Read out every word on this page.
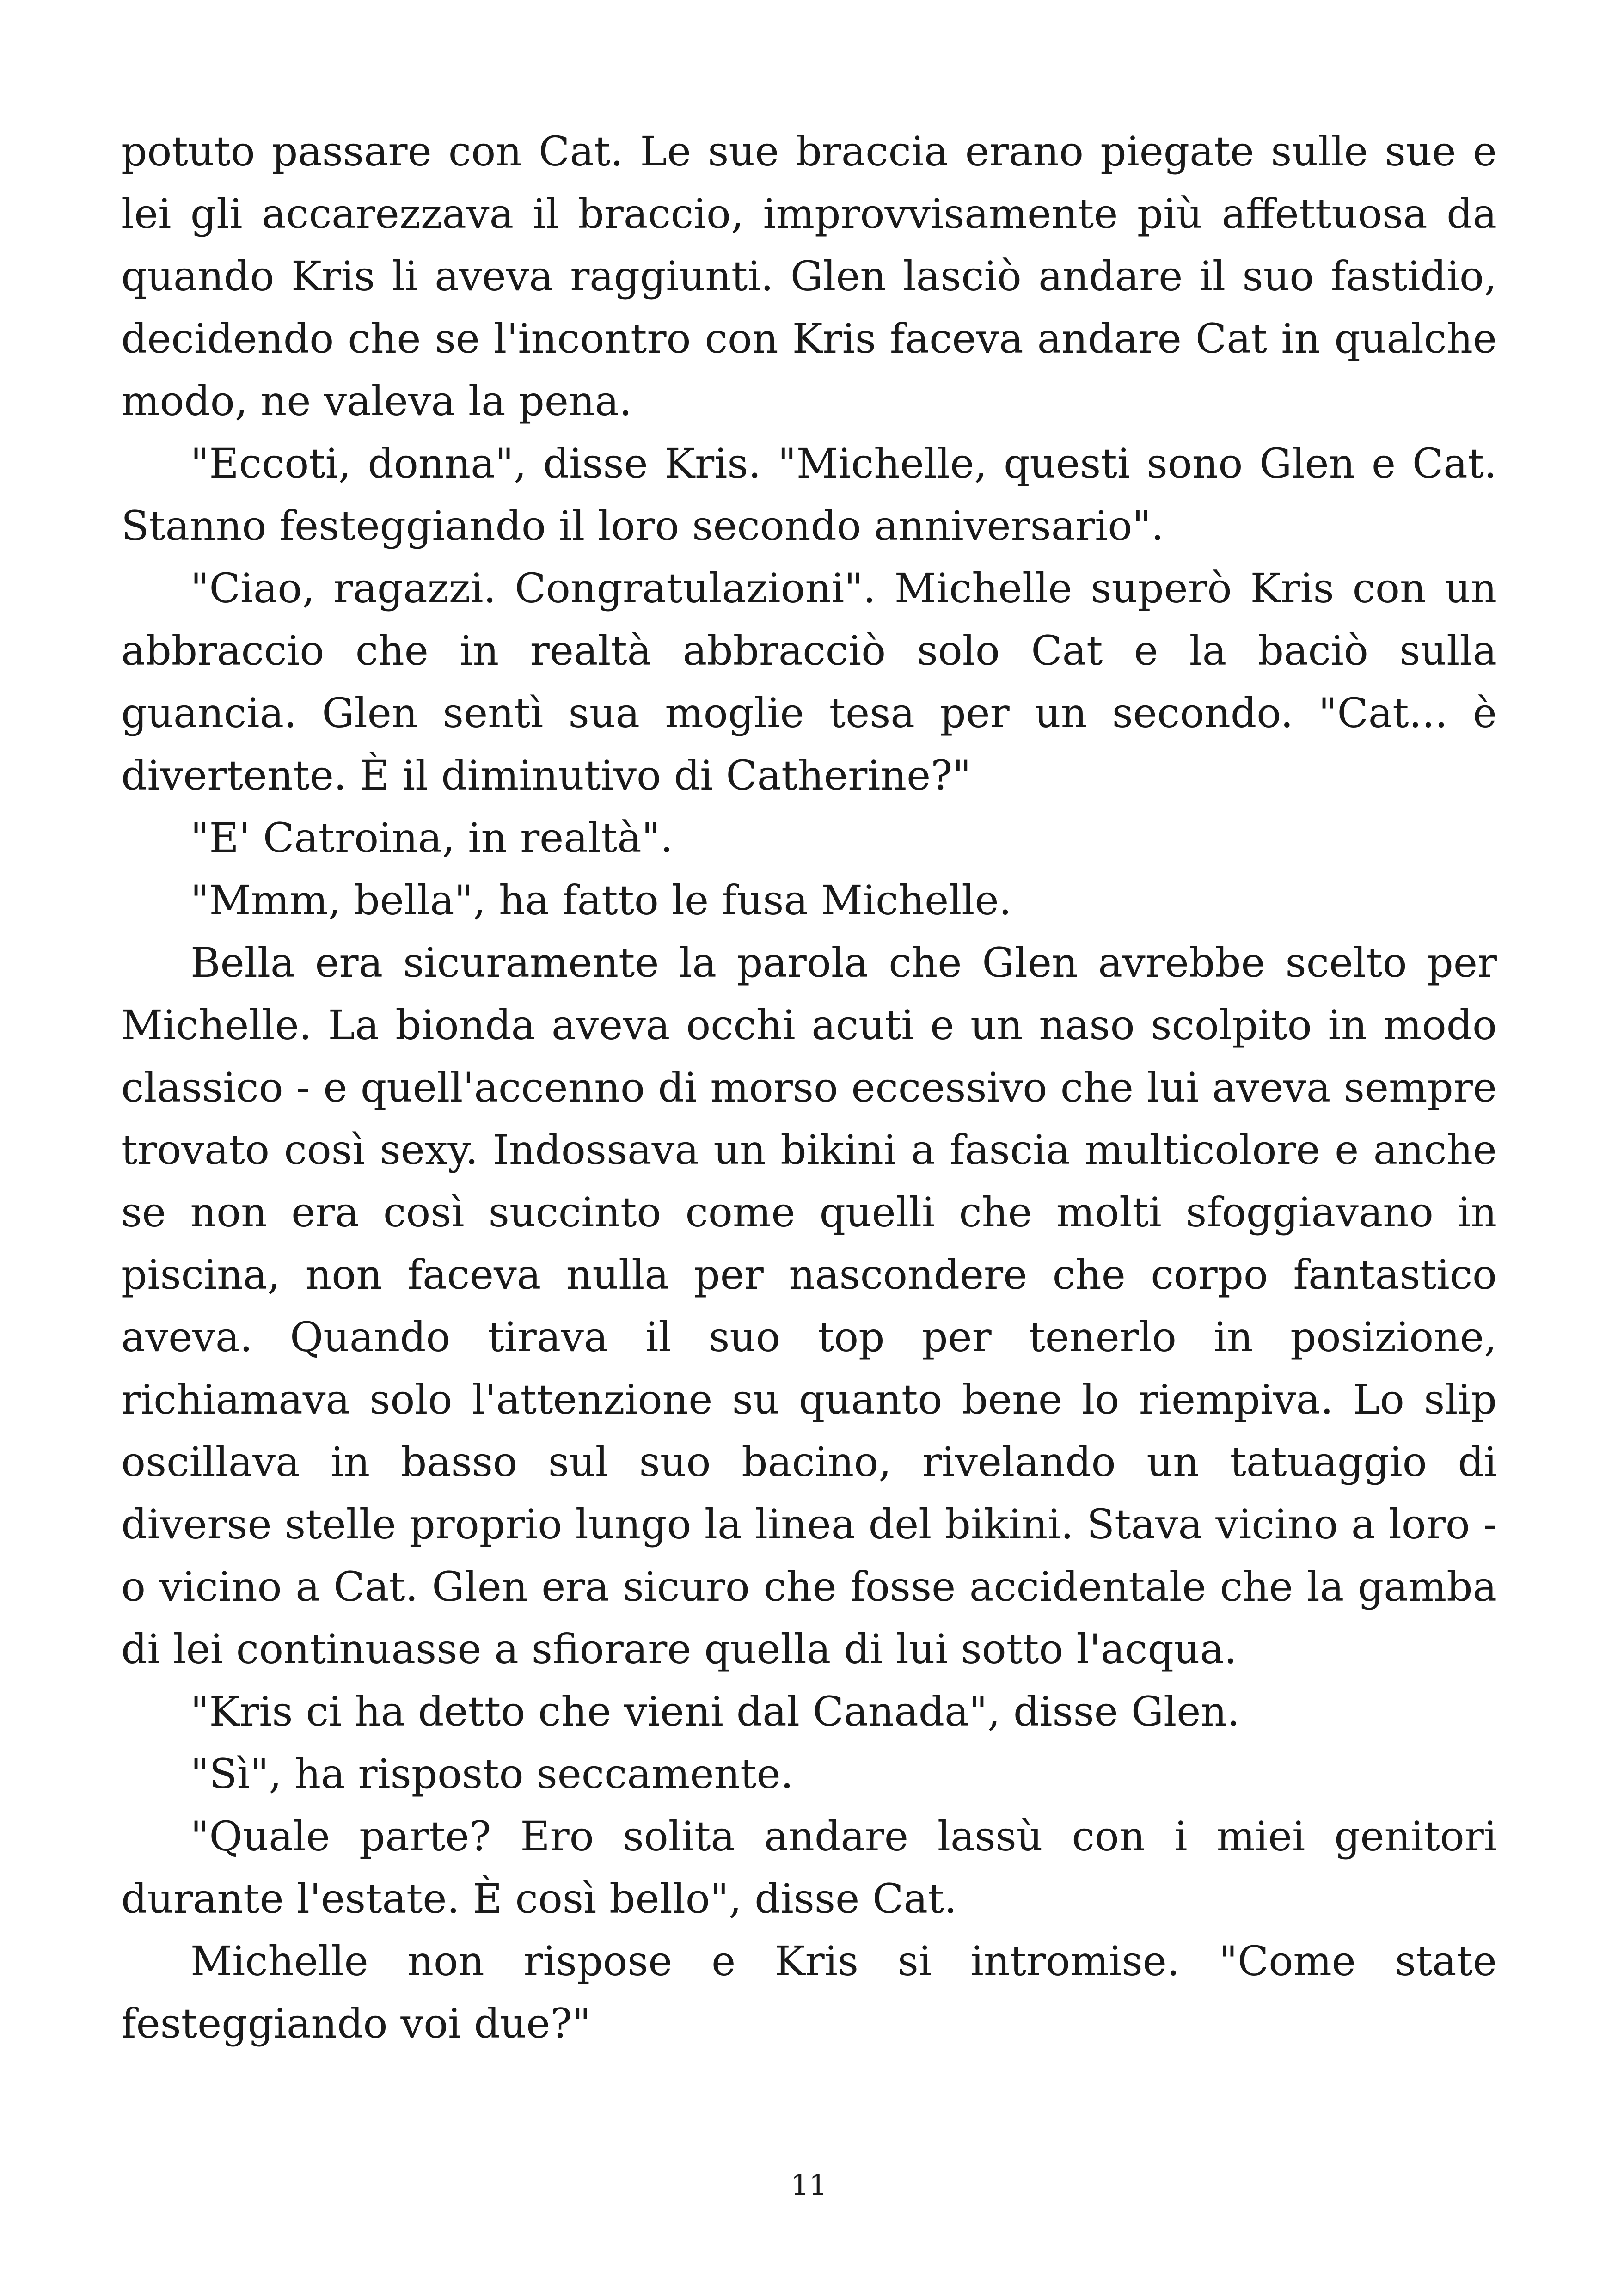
potuto passare con Cat. Le sue braccia erano piegate sulle sue e lei gli accarezzava il braccio, improvvisamente più affettuosa da quando Kris li aveva raggiunti. Glen lasciò andare il suo fastidio, decidendo che se l'incontro con Kris faceva andare Cat in qualche modo, ne valeva la pena.

"Eccoti, donna", disse Kris. "Michelle, questi sono Glen e Cat. Stanno festeggiando il loro secondo anniversario".

"Ciao, ragazzi. Congratulazioni". Michelle superò Kris con un abbraccio che in realtà abbracciò solo Cat e la baciò sulla guancia. Glen sentì sua moglie tesa per un secondo. "Cat... è divertente. È il diminutivo di Catherine?"

"E' Catroina, in realtà".

"Mmm, bella", ha fatto le fusa Michelle.

Bella era sicuramente la parola che Glen avrebbe scelto per Michelle. La bionda aveva occhi acuti e un naso scolpito in modo classico - e quell'accenno di morso eccessivo che lui aveva sempre trovato così sexy. Indossava un bikini a fascia multicolore e anche se non era così succinto come quelli che molti sfoggiavano in piscina, non faceva nulla per nascondere che corpo fantastico aveva. Quando tirava il suo top per tenerlo in posizione, richiamava solo l'attenzione su quanto bene lo riempiva. Lo slip oscillava in basso sul suo bacino, rivelando un tatuaggio di diverse stelle proprio lungo la linea del bikini. Stava vicino a loro - o vicino a Cat. Glen era sicuro che fosse accidentale che la gamba di lei continuasse a sfiorare quella di lui sotto l'acqua.

"Kris ci ha detto che vieni dal Canada", disse Glen.

"Sì", ha risposto seccamente.

"Quale parte? Ero solita andare lassù con i miei genitori durante l'estate. È così bello", disse Cat.

Michelle non rispose e Kris si intromise. "Come state festeggiando voi due?"

11
